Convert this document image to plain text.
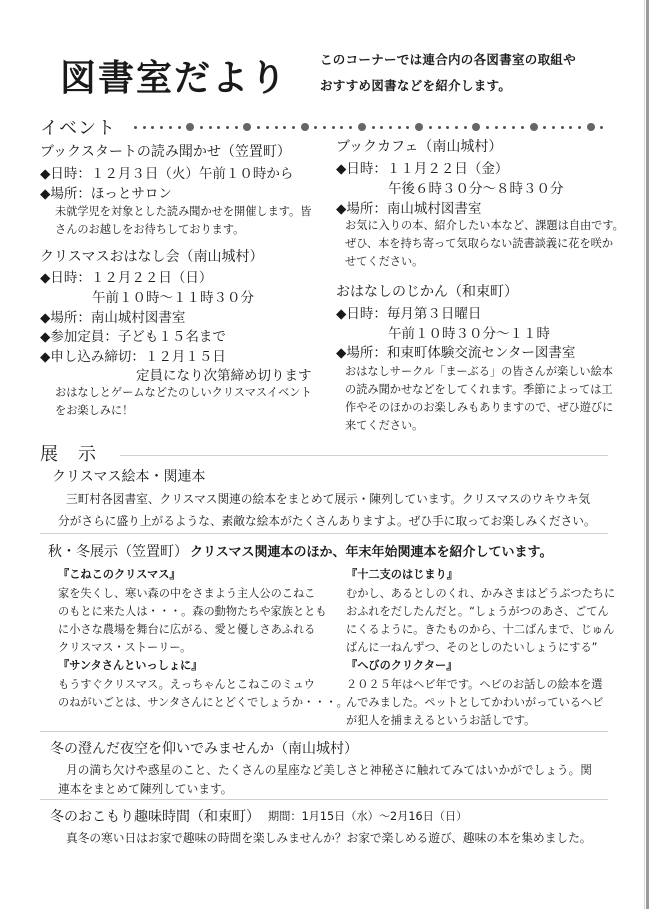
図書室だより	このコーナーでは連合内の各図書室の取組や
おすすめ図書などを紹介します。
イベント
ブックスタートの読み聞かせ（笠置町）
◆日時：１２月３日（火）午前１０時から
◆場所：ほっとサロン
未就学児を対象とした読み聞かせを開催します。皆
さんのお越しをお待ちしております。
クリスマスおはなし会（南山城村）
◆日時：１２月２２日（日）
午前１０時～１１時３０分
◆場所：南山城村図書室
◆参加定員：子ども１５名まで
◆申し込み締切：１２月１５日
定員になり次第締め切ります
おはなしとゲームなどたのしいクリスマスイベント
をお楽しみに！
ブックカフェ（南山城村）
◆日時：１１月２２日（金）
午後６時３０分～８時３０分
◆場所：南山城村図書室
お気に入りの本、紹介したい本など、課題は自由です。
ぜひ、本を持ち寄って気取らない読書談義に花を咲か
せてください。
おはなしのじかん（和束町）
◆日時：毎月第３日曜日
午前１０時３０分～１１時
◆場所：和束町体験交流センター図書室
おはなしサークル「まーぶる」の皆さんが楽しい絵本
の読み聞かせなどをしてくれます。季節によっては工
作やそのほかのお楽しみもありますので、ぜひ遊びに
来てください。
展　示
クリスマス絵本・関連本
三町村各図書室、クリスマス関連の絵本をまとめて展示・陳列しています。クリスマスのウキウキ気
分がさらに盛り上がるような、素敵な絵本がたくさんありますよ。ぜひ手に取ってお楽しみください。
秋・冬展示（笠置町） クリスマス関連本のほか、年末年始関連本を紹介しています。
『こねこのクリスマス』
家を失くし、寒い森の中をさまよう主人公のこねこ
のもとに来た人は・・・。森の動物たちや家族ととも
に小さな農場を舞台に広がる、愛と優しさあふれる
クリスマス・ストーリー。
『サンタさんといっしょに』
もうすぐクリスマス。えっちゃんとこねこのミュウ
のねがいごとは、サンタさんにとどくでしょうか・・・。
『十二支のはじまり』
むかし、あるとしのくれ、かみさまはどうぶつたちに
おふれをだしたんだと。“しょうがつのあさ、ごてん
にくるように。きたものから、十二ばんまで、じゅん
ばんに一ねんずつ、そのとしのたいしょうにする”
『へびのクリクター』
２０２５年はヘビ年です。ヘビのお話しの絵本を選
んでみました。ペットとしてかわいがっているヘビ
が犯人を捕まえるというお話しです。
冬の澄んだ夜空を仰いでみませんか（南山城村）
月の満ち欠けや惑星のこと、たくさんの星座など美しさと神秘さに触れてみてはいかがでしょう。関
連本をまとめて陳列しています。
冬のおこもり趣味時間（和束町） 期間：1月15日（水）～2月16日（日）
真冬の寒い日はお家で趣味の時間を楽しみませんか？お家で楽しめる遊び、趣味の本を集めました。
